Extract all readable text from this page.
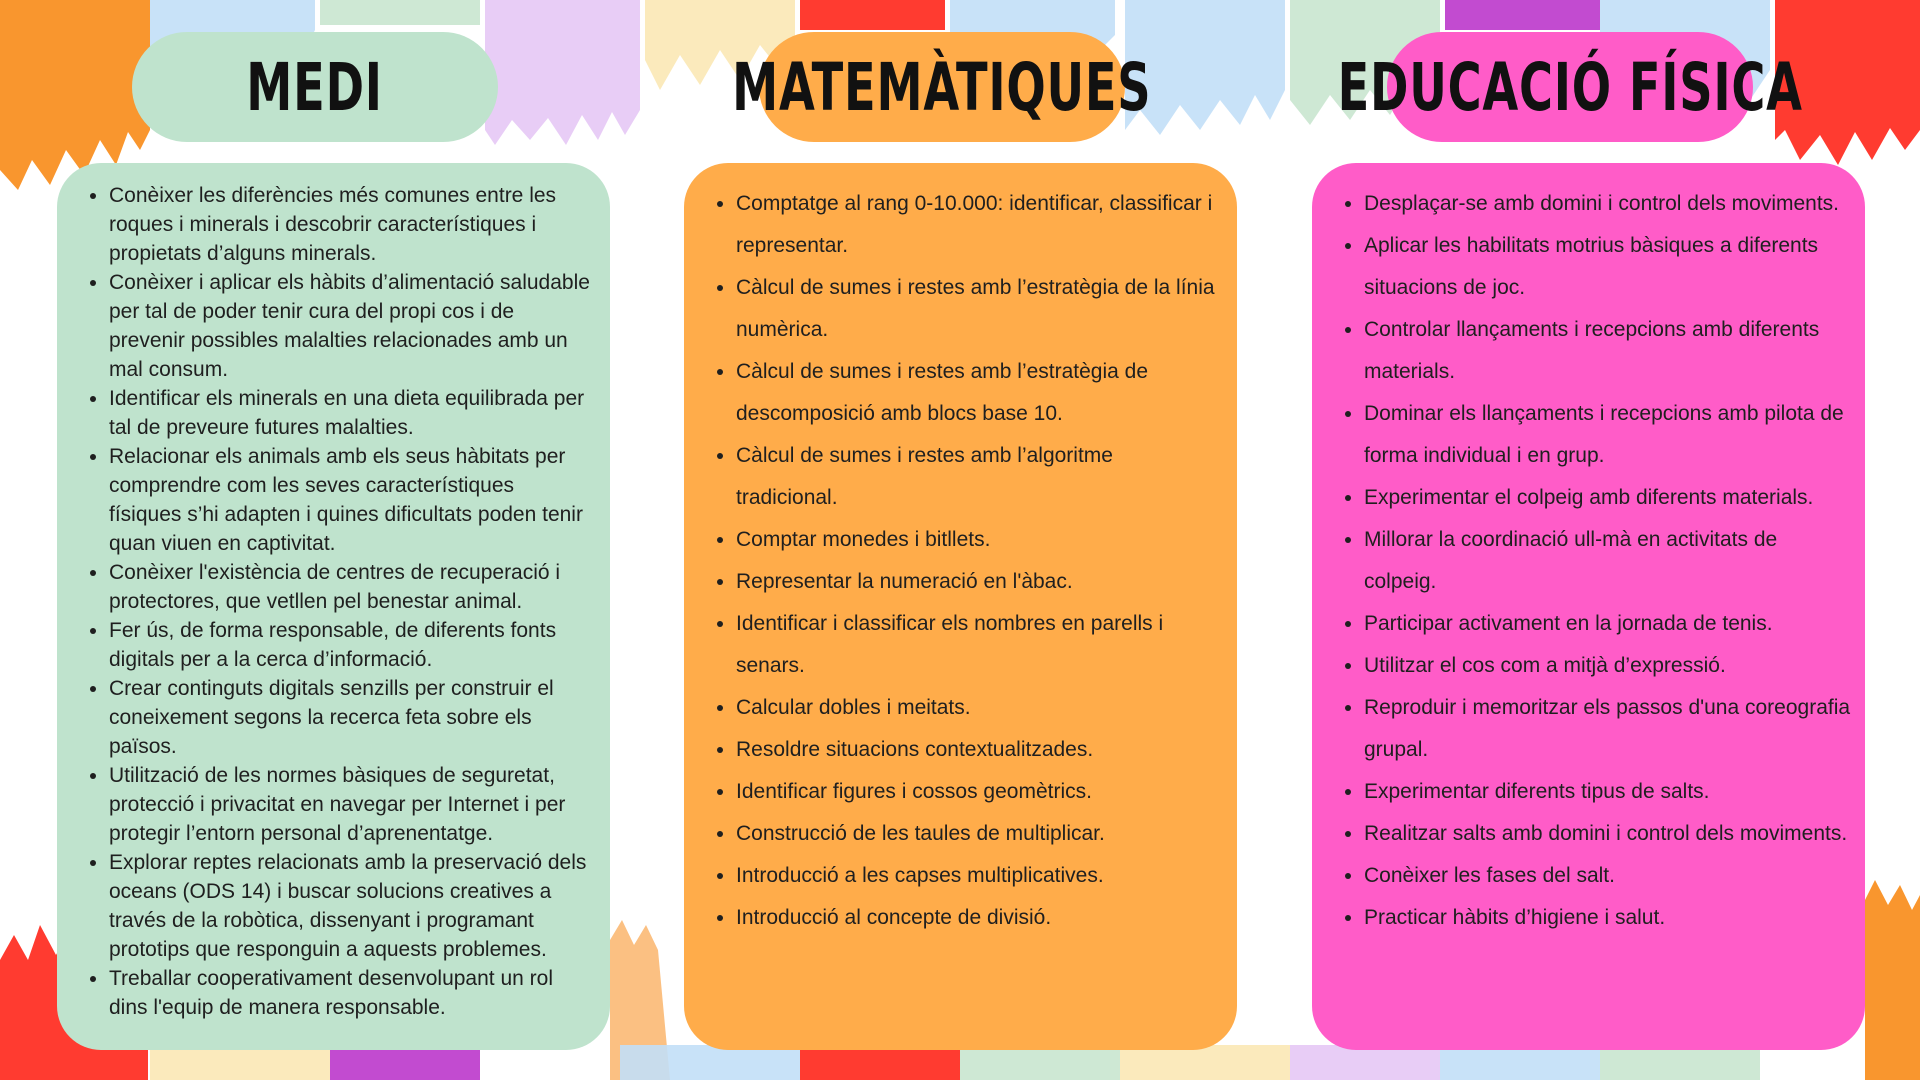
MEDI	MATEMÀTIQUES	EDUCACIÓ FÍSICA
• Conèixer les diferències més comunes entre les roques i minerals i descobrir característiques i propietats d’alguns minerals.
• Conèixer i aplicar els hàbits d’alimentació saludable per tal de poder tenir cura del propi cos i de prevenir possibles malalties relacionades amb un mal consum.
• Identificar els minerals en una dieta equilibrada per tal de preveure futures malalties.
• Relacionar els animals amb els seus hàbitats per comprendre com les seves característiques físiques s’hi adapten i quines dificultats poden tenir quan viuen en captivitat.
• Conèixer l'existència de centres de recuperació i protectores, que vetllen pel benestar animal.
• Fer ús, de forma responsable, de diferents fonts digitals per a la cerca d’informació.
• Crear continguts digitals senzills per construir el coneixement segons la recerca feta sobre els països.
• Utilització de les normes bàsiques de seguretat, protecció i privacitat en navegar per Internet i per protegir l’entorn personal d’aprenentatge.
• Explorar reptes relacionats amb la preservació dels oceans (ODS 14) i buscar solucions creatives a través de la robòtica, dissenyant i programant prototips que responguin a aquests problemes.
• Treballar cooperativament desenvolupant un rol dins l'equip de manera responsable.
• Comptatge al rang 0-10.000: identificar, classificar i representar.
• Càlcul de sumes i restes amb l’estratègia de la línia numèrica.
• Càlcul de sumes i restes amb l’estratègia de descomposició amb blocs base 10.
• Càlcul de sumes i restes amb l’algoritme tradicional.
• Comptar monedes i bitllets.
• Representar la numeració en l'àbac.
• Identificar i classificar els nombres en parells i senars.
• Calcular dobles i meitats.
• Resoldre situacions contextualitzades.
• Identificar figures i cossos geomètrics.
• Construcció de les taules de multiplicar.
• Introducció a les capses multiplicatives.
• Introducció al concepte de divisió.
• Desplaçar-se amb domini i control dels moviments.
• Aplicar les habilitats motrius bàsiques a diferents situacions de joc.
• Controlar llançaments i recepcions amb diferents materials.
• Dominar els llançaments i recepcions amb pilota de forma individual i en grup.
• Experimentar el colpeig amb diferents materials.
• Millorar la coordinació ull-mà en activitats de colpeig.
• Participar activament en la jornada de tenis.
• Utilitzar el cos com a mitjà d’expressió.
• Reproduir i memoritzar els passos d'una coreografia grupal.
• Experimentar diferents tipus de salts.
• Realitzar salts amb domini i control dels moviments.
• Conèixer les fases del salt.
• Practicar hàbits d’higiene i salut.
